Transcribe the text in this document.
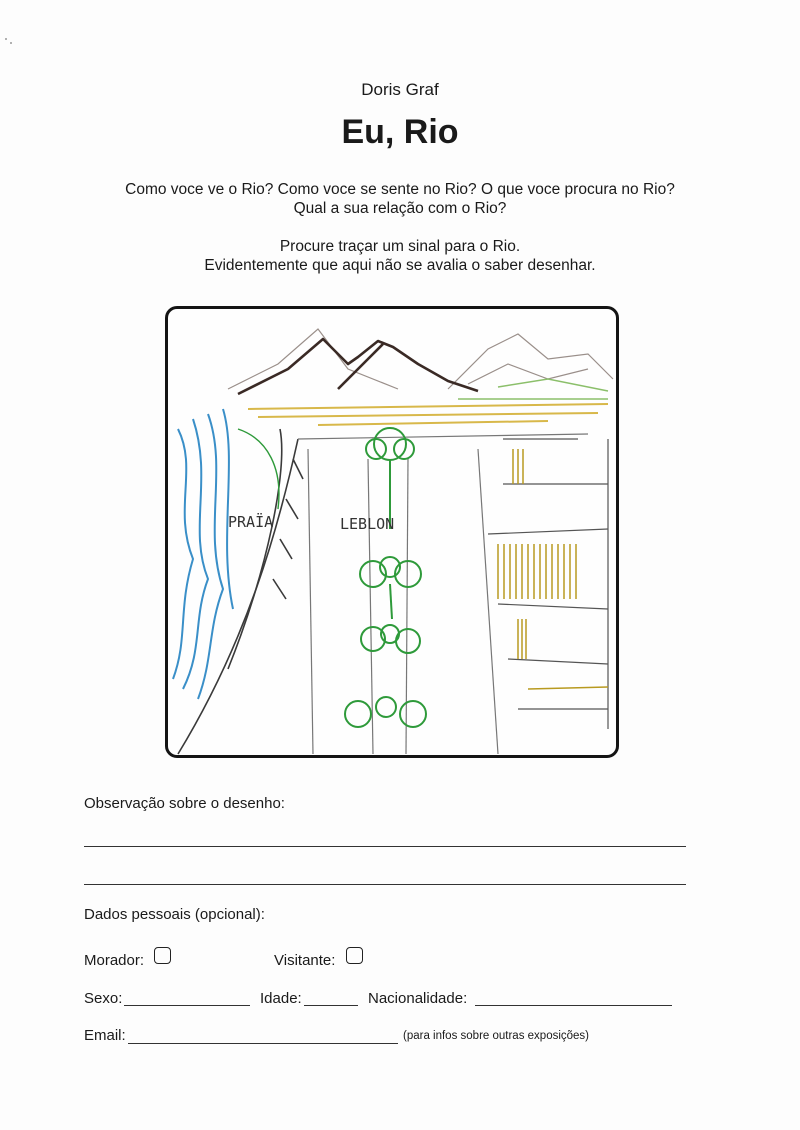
Doris Graf
Eu, Rio
Como voce ve o Rio? Como voce se sente no Rio? O que voce procura no Rio?
Qual a sua relação com o Rio?
Procure traçar um sinal para o Rio.
Evidentemente que aqui não se avalia o saber desenhar.
PRAÏA	LEBLON
Observação sobre o desenho:
Dados pessoais (opcional):
Morador:	Visitante:
Sexo:	Idade:	Nacionalidade:
Email:	(para infos sobre outras exposições)
